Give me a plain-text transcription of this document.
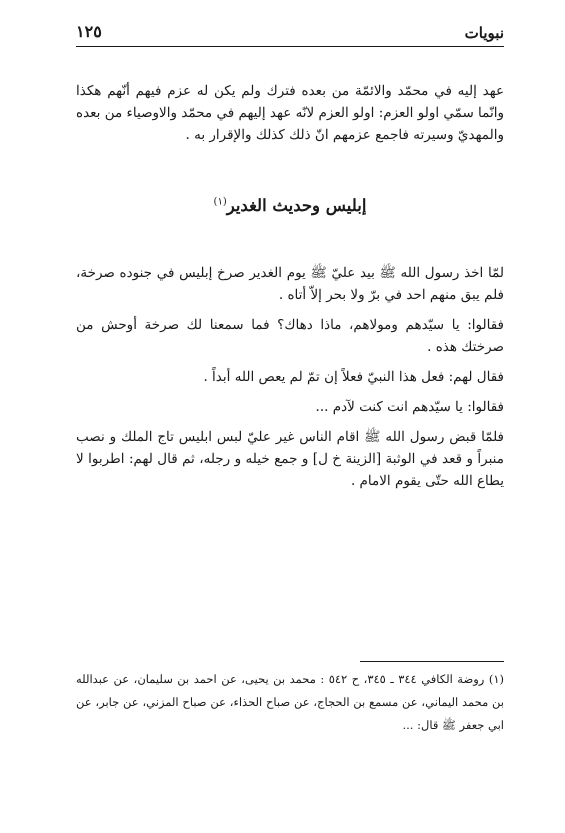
نبويات
١٢٥

عهد إليه في محمّد والائمّة من بعده فترك ولم يكن له عزم فيهم أنّهم هكذا وانّما سمّي اولو العزم: اولو العزم لانّه عهد إليهم في محمّد والاوصياء من بعده والمهديّ وسيرته فاجمع عزمهم انّ ذلك كذلك والإقرار به .

إبليس وحديث الغدير$^{(١)}$

لمّا اخذ رسول الله ﷺ بيد عليّ ﷺ يوم الغدير صرخ إبليس في جنوده صرخة، فلم يبق منهم احد في برّ ولا بحر إلاّ أتاه .

فقالوا: يا سيّدهم ومولاهم، ماذا دهاك؟ فما سمعنا لك صرخة أوحش من صرختك هذه .

فقال لهم: فعل هذا النبيّ فعلاً إن تمّ لم يعص الله أبداً .

فقالوا: يا سيّدهم انت كنت لآدم ...

فلمّا قبض رسول الله ﷺ اقام الناس غير عليّ لبس ابليس تاج الملك و نصب منبراً و قعد في الوثبة [الزينة خ ل] و جمع خيله و رجله، ثم قال لهم: اطربوا لا يطاع الله حتّى يقوم الامام .

(١) روضة الكافي ٣٤٤ ـ ٣٤٥، ح ٥٤٢ : محمد بن يحيى، عن احمد بن سليمان، عن عبدالله بن محمد اليماني، عن مسمع بن الحجاج، عن صباح الحذاء، عن صباح المزني، عن جابر، عن ابي جعفر ﷺ قال: ...
